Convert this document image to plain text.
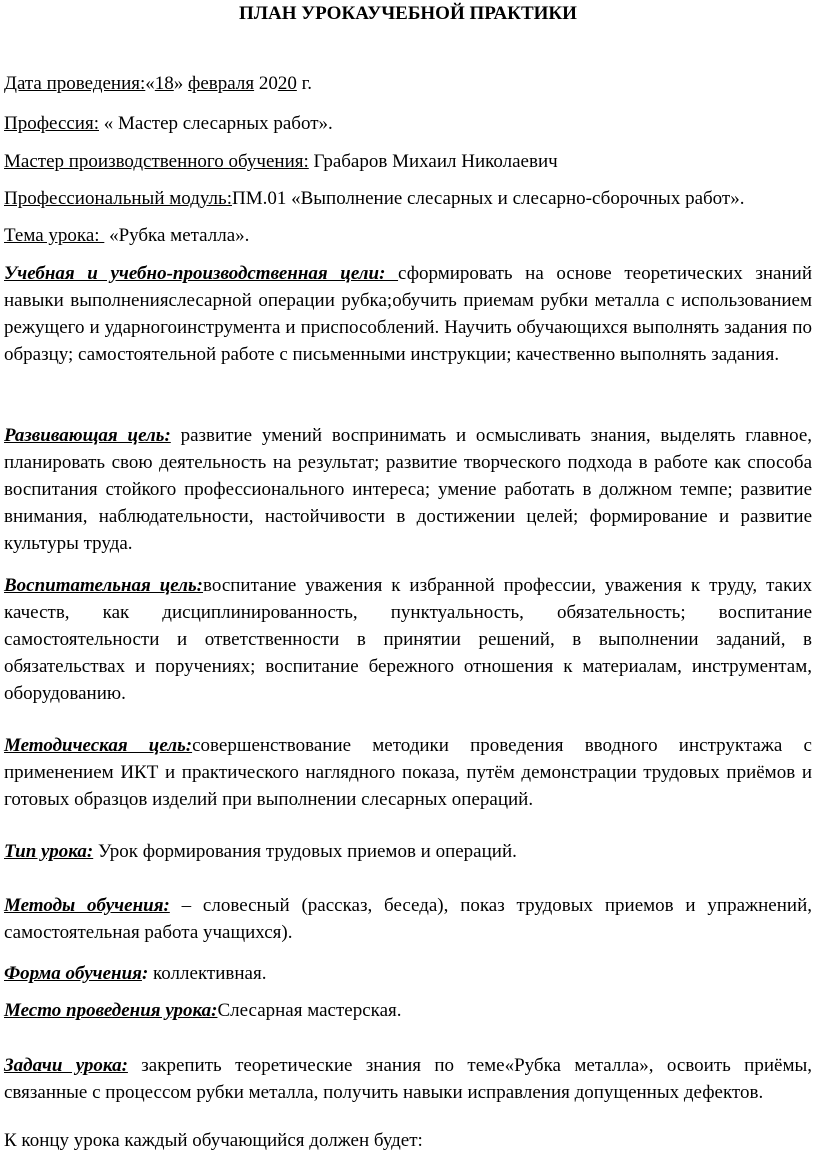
ПЛАН УРОКАУЧЕБНОЙ ПРАКТИКИ
Дата проведения:«18» февраля 2020 г.
Профессия: « Мастер слесарных работ».
Мастер производственного обучения: Грабаров Михаил Николаевич
Профессиональный модуль:ПМ.01 «Выполнение слесарных и слесарно-сборочных работ».
Тема урока:  «Рубка металла».
Учебная и учебно-производственная цели: сформировать на основе теоретических знаний навыки выполненияслесарной операции рубка;обучить приемам рубки металла с использованием режущего и ударногоинструмента и приспособлений. Научить обучающихся выполнять задания по образцу; самостоятельной работе с письменными инструкции; качественно выполнять задания.
Развивающая цель: развитие умений воспринимать и осмысливать знания, выделять главное, планировать свою деятельность на результат; развитие творческого подхода в работе как способа воспитания стойкого профессионального интереса; умение работать в должном темпе; развитие внимания, наблюдательности, настойчивости в достижении целей; формирование и развитие культуры труда.
Воспитательная цель:воспитание уважения к избранной профессии, уважения к труду, таких качеств, как дисциплинированность, пунктуальность, обязательность; воспитание самостоятельности и ответственности в принятии решений, в выполнении заданий, в обязательствах и поручениях; воспитание бережного отношения к материалам, инструментам, оборудованию.
Методическая цель:совершенствование методики проведения вводного инструктажа с применением ИКТ и практического наглядного показа, путём демонстрации трудовых приёмов и готовых образцов изделий при выполнении слесарных операций.
Тип урока: Урок формирования трудовых приемов и операций.
Методы обучения: – словесный (рассказ, беседа), показ трудовых приемов и упражнений, самостоятельная работа учащихся).
Форма обучения: коллективная.
Место проведения урока:Слесарная мастерская.
Задачи урока: закрепить теоретические знания по теме«Рубка металла», освоить приёмы, связанные с процессом рубки металла, получить навыки исправления допущенных дефектов.
К концу урока каждый обучающийся должен будет:
